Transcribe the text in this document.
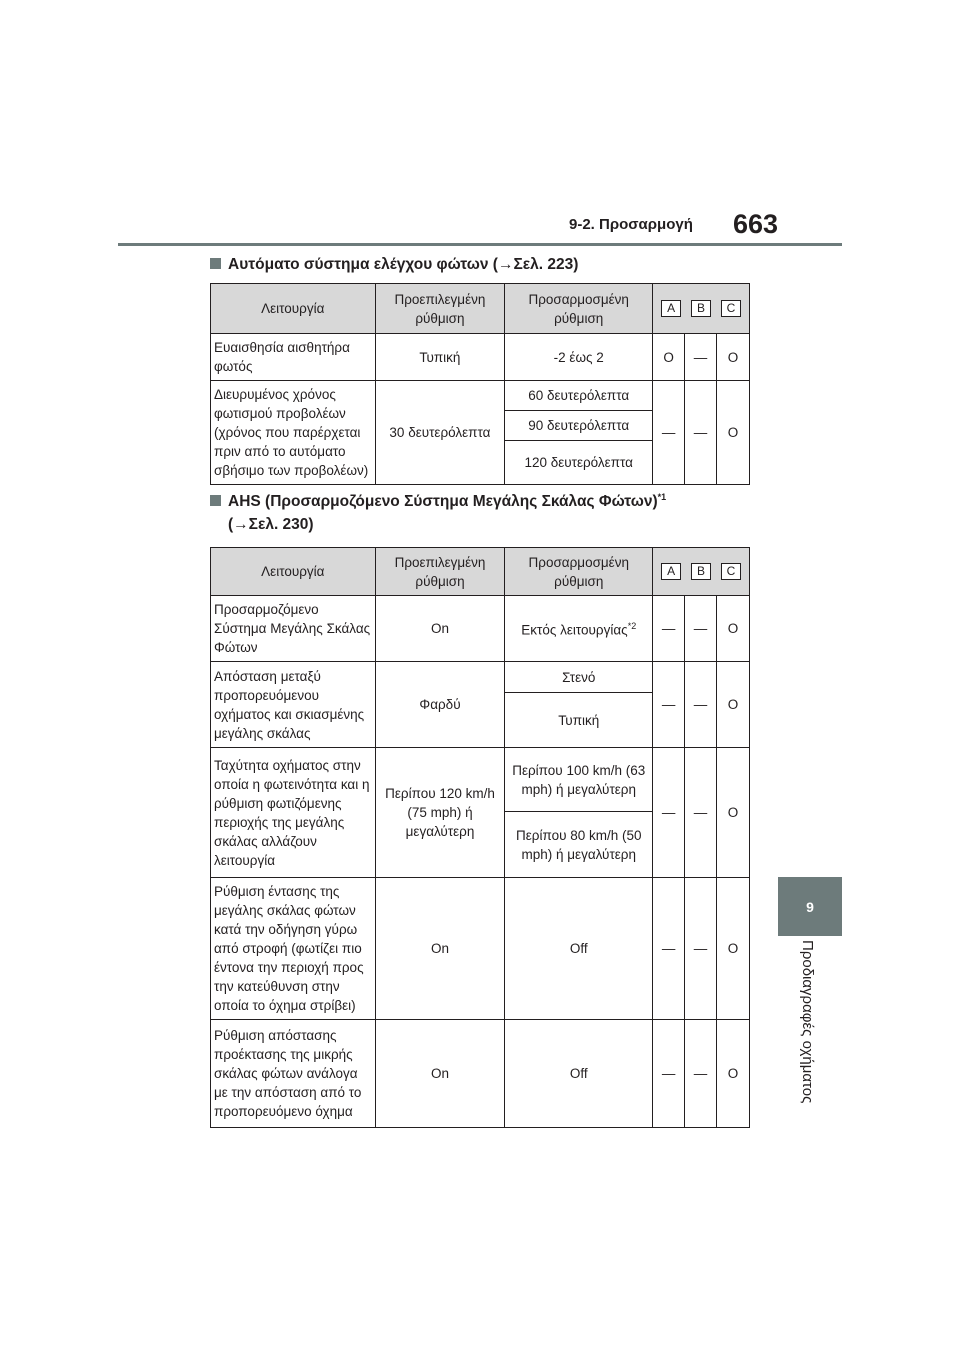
9-2. Προσαρμογή 663
9
Προδιαγραφές οχήματος
Αυτόματο σύστημα ελέγχου φώτων (→Σελ. 223)
Λειτουργία	Προεπιλεγμένη ρύθμιση	Προσαρμοσμένη ρύθμιση	A B C		

Ευαισθησία αισθητήρα φωτός	Τυπική	-2 έως 2	O	—	O
Διευρυμένος χρόνος φωτισμού προβολέων (χρόνος που παρέρχεται πριν από το αυτόματο σβήσιμο των προβολέων)	30 δευτερόλεπτα	60 δευτερόλεπτα	—	—	O
		90 δευτερόλεπτα			
		120 δευτερόλεπτα			
AHS (Προσαρμοζόμενο Σύστημα Μεγάλης Σκάλας Φώτων)$^{*1}$
(→Σελ. 230)
Λειτουργία	Προεπιλεγμένη ρύθμιση	Προσαρμοσμένη ρύθμιση	A B C		

Προσαρμοζόμενο Σύστημα Μεγάλης Σκάλας Φώτων	On	Εκτός λειτουργίας$^{*2}$	—	—	O
Απόσταση μεταξύ προπορευόμενου οχήματος και σκιασμένης μεγάλης σκάλας	Φαρδύ	Στενό	—	—	O
		Τυπική			
Ταχύτητα οχήματος στην οποία η φωτεινότητα και η ρύθμιση φωτιζόμενης περιοχής της μεγάλης σκάλας αλλάζουν λειτουργία	Περίπου 120 km/h (75 mph) ή μεγαλύτερη	Περίπου 100 km/h (63 mph) ή μεγαλύτερη	—	—	O
		Περίπου 80 km/h (50 mph) ή μεγαλύτερη			
Ρύθμιση έντασης της μεγάλης σκάλας φώτων κατά την οδήγηση γύρω από στροφή (φωτίζει πιο έντονα την περιοχή προς την κατεύθυνση στην οποία το όχημα στρίβει)	On	Off	—	—	O
Ρύθμιση απόστασης προέκτασης της μικρής σκάλας φώτων ανάλογα με την απόσταση από το προπορευόμενο όχημα	On	Off	—	—	O
